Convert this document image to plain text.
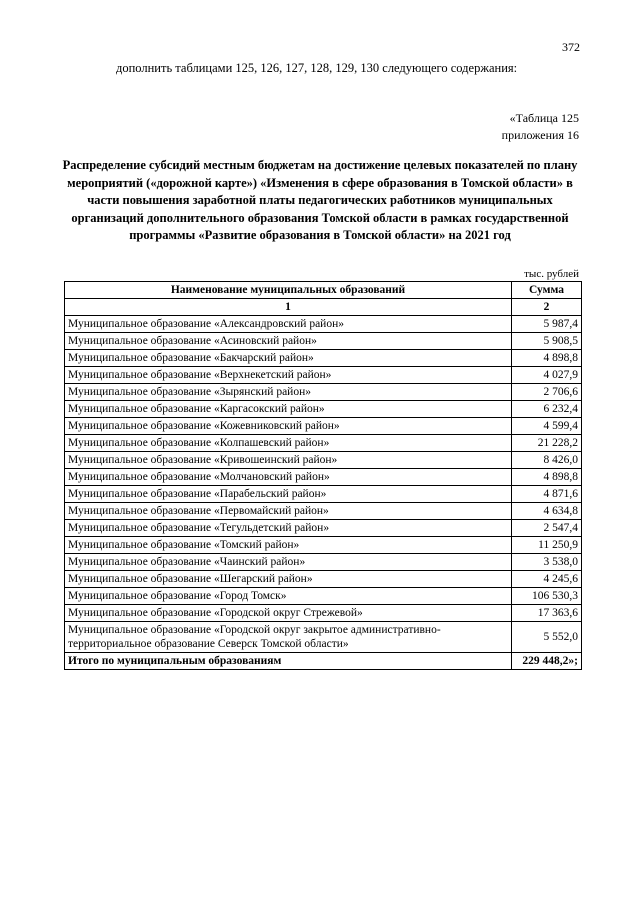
372
дополнить таблицами 125, 126, 127, 128, 129, 130 следующего содержания:
«Таблица 125
приложения 16
Распределение субсидий местным бюджетам на достижение целевых показателей по плану мероприятий («дорожной карте») «Изменения в сфере образования в Томской области» в части повышения заработной платы педагогических работников муниципальных организаций дополнительного образования Томской области в рамках государственной программы «Развитие образования в Томской области» на 2021 год
тыс. рублей
Наименование муниципальных образований	Сумма
1	2
Муниципальное образование «Александровский район»	5 987,4
Муниципальное образование «Асиновский район»	5 908,5
Муниципальное образование «Бакчарский район»	4 898,8
Муниципальное образование «Верхнекетский район»	4 027,9
Муниципальное образование «Зырянский район»	2 706,6
Муниципальное образование «Каргасокский район»	6 232,4
Муниципальное образование «Кожевниковский район»	4 599,4
Муниципальное образование «Колпашевский район»	21 228,2
Муниципальное образование «Кривошеинский район»	8 426,0
Муниципальное образование «Молчановский район»	4 898,8
Муниципальное образование «Парабельский район»	4 871,6
Муниципальное образование «Первомайский район»	4 634,8
Муниципальное образование «Тегульдетский район»	2 547,4
Муниципальное образование «Томский район»	11 250,9
Муниципальное образование «Чаинский район»	3 538,0
Муниципальное образование «Шегарский район»	4 245,6
Муниципальное образование «Город Томск»	106 530,3
Муниципальное образование «Городской округ Стрежевой»	17 363,6
Муниципальное образование «Городской округ закрытое административно-территориальное образование Северск Томской области»	5 552,0
Итого по муниципальным образованиям	229 448,2»;
